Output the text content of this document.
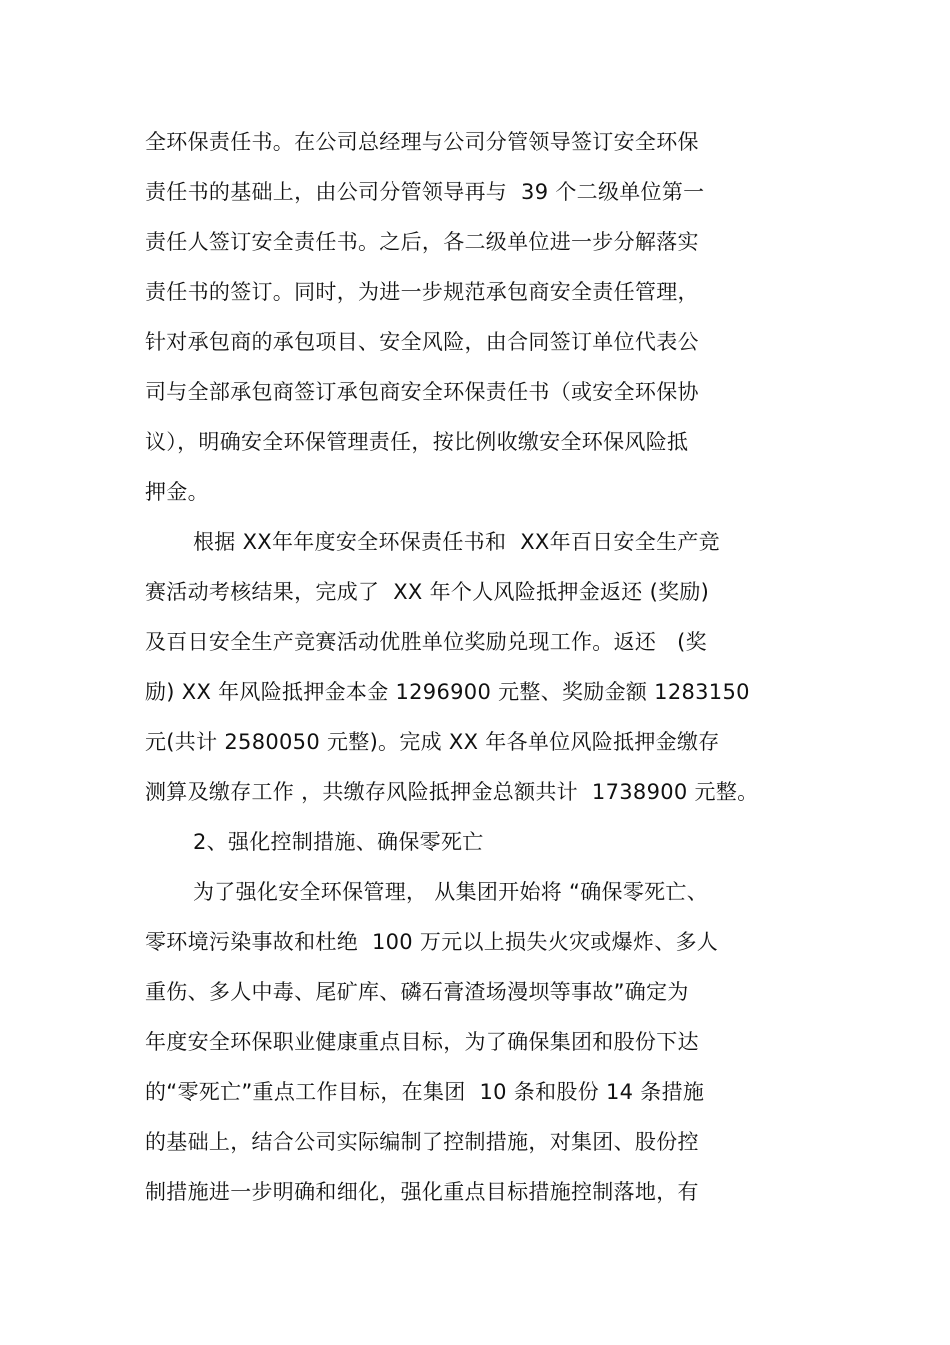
全环保责任书。在公司总经理与公司分管领导签订安全环保
责任书的基础上，由公司分管领导再与  39 个二级单位第一
责任人签订安全责任书。之后，各二级单位进一步分解落实
责任书的签订。同时，为进一步规范承包商安全责任管理，
针对承包商的承包项目、安全风险，由合同签订单位代表公
司与全部承包商签订承包商安全环保责任书（或安全环保协
议），明确安全环保管理责任，按比例收缴安全环保风险抵
押金。
根据 XX年年度安全环保责任书和  XX年百日安全生产竞
赛活动考核结果，完成了  XX 年个人风险抵押金返还 (奖励)
及百日安全生产竞赛活动优胜单位奖励兑现工作。返还   (奖
励) XX 年风险抵押金本金 1296900 元整、奖励金额 1283150
元(共计 2580050 元整)。完成 XX 年各单位风险抵押金缴存
测算及缴存工作 ，共缴存风险抵押金总额共计  1738900 元整。
2、强化控制措施、确保零死亡
为了强化安全环保管理， 从集团开始将 “确保零死亡、
零环境污染事故和杜绝  100 万元以上损失火灾或爆炸、多人
重伤、多人中毒、尾矿库、磷石膏渣场漫坝等事故”确定为
年度安全环保职业健康重点目标，为了确保集团和股份下达
的“零死亡”重点工作目标，在集团  10 条和股份 14 条措施
的基础上，结合公司实际编制了控制措施，对集团、股份控
制措施进一步明确和细化，强化重点目标措施控制落地，有
